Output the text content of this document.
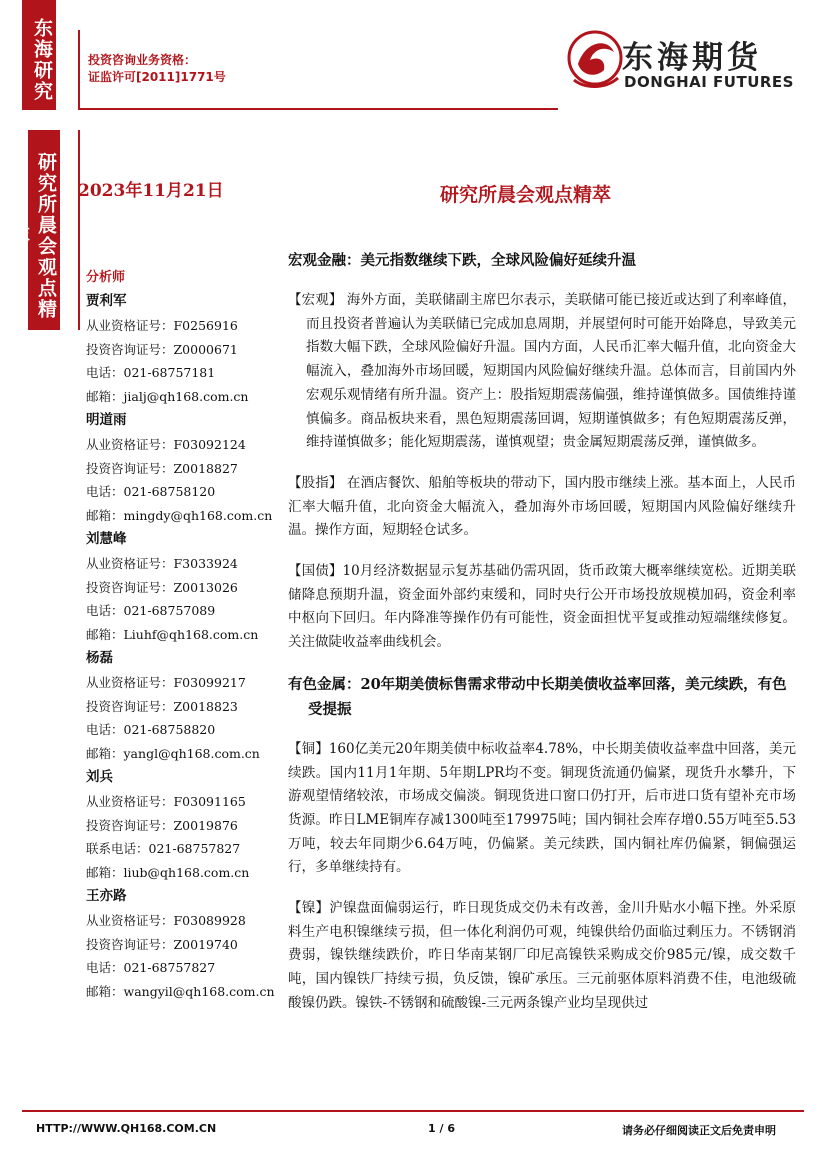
东海研究
研究所晨会观点精萃
投资咨询业务资格：
证监许可[2011]1771号
东海期货
DONGHAI FUTURES
2023年11月21日	研究所晨会观点精萃
分析师
贾利军
从业资格证号：F0256916
投资咨询证号：Z0000671
电话：021-68757181
邮箱：jialj@qh168.com.cn
明道雨
从业资格证号：F03092124
投资咨询证号：Z0018827
电话：021-68758120
邮箱：mingdy@qh168.com.cn
刘慧峰
从业资格证号：F3033924
投资咨询证号：Z0013026
电话：021-68757089
邮箱：Liuhf@qh168.com.cn
杨磊
从业资格证号：F03099217
投资咨询证号：Z0018823
电话：021-68758820
邮箱：yangl@qh168.com.cn
刘兵
从业资格证号：F03091165
投资咨询证号：Z0019876
联系电话：021-68757827
邮箱：liub@qh168.com.cn
王亦路
从业资格证号：F03089928
投资咨询证号：Z0019740
电话：021-68757827
邮箱：wangyil@qh168.com.cn
宏观金融：美元指数继续下跌，全球风险偏好延续升温

【宏观】 海外方面，美联储副主席巴尔表示，美联储可能已接近或达到了利率峰值，而且投资者普遍认为美联储已完成加息周期，并展望何时可能开始降息，导致美元指数大幅下跌，全球风险偏好升温。国内方面，人民币汇率大幅升值，北向资金大幅流入，叠加海外市场回暖，短期国内风险偏好继续升温。总体而言，目前国内外宏观乐观情绪有所升温。资产上：股指短期震荡偏强，维持谨慎做多。国债维持谨慎偏多。商品板块来看，黑色短期震荡回调，短期谨慎做多；有色短期震荡反弹，维持谨慎做多；能化短期震荡，谨慎观望；贵金属短期震荡反弹，谨慎做多。

【股指】 在酒店餐饮、船舶等板块的带动下，国内股市继续上涨。基本面上，人民币汇率大幅升值，北向资金大幅流入，叠加海外市场回暖，短期国内风险偏好继续升温。操作方面，短期轻仓试多。

【国债】10月经济数据显示复苏基础仍需巩固，货币政策大概率继续宽松。近期美联储降息预期升温，资金面外部约束缓和，同时央行公开市场投放规模加码，资金利率中枢向下回归。年内降准等操作仍有可能性，资金面担忧平复或推动短端继续修复。关注做陡收益率曲线机会。

有色金属：20年期美债标售需求带动中长期美债收益率回落，美元续跌，有色受提振

【铜】160亿美元20年期美债中标收益率4.78%，中长期美债收益率盘中回落，美元续跌。国内11月1年期、5年期LPR均不变。铜现货流通仍偏紧，现货升水攀升，下游观望情绪较浓，市场成交偏淡。铜现货进口窗口仍打开，后市进口货有望补充市场货源。昨日LME铜库存减1300吨至179975吨；国内铜社会库存增0.55万吨至5.53万吨，较去年同期少6.64万吨，仍偏紧。美元续跌，国内铜社库仍偏紧，铜偏强运行，多单继续持有。

【镍】沪镍盘面偏弱运行，昨日现货成交仍未有改善，金川升贴水小幅下挫。外采原料生产电积镍继续亏损，但一体化利润仍可观，纯镍供给仍面临过剩压力。不锈钢消费弱，镍铁继续跌价，昨日华南某钢厂印尼高镍铁采购成交价985元/镍，成交数千吨，国内镍铁厂持续亏损，负反馈，镍矿承压。三元前驱体原料消费不佳，电池级硫酸镍仍跌。镍铁-不锈钢和硫酸镍-三元两条镍产业均呈现供过

HTTP://WWW.QH168.COM.CN	1 / 6	请务必仔细阅读正文后免责申明
